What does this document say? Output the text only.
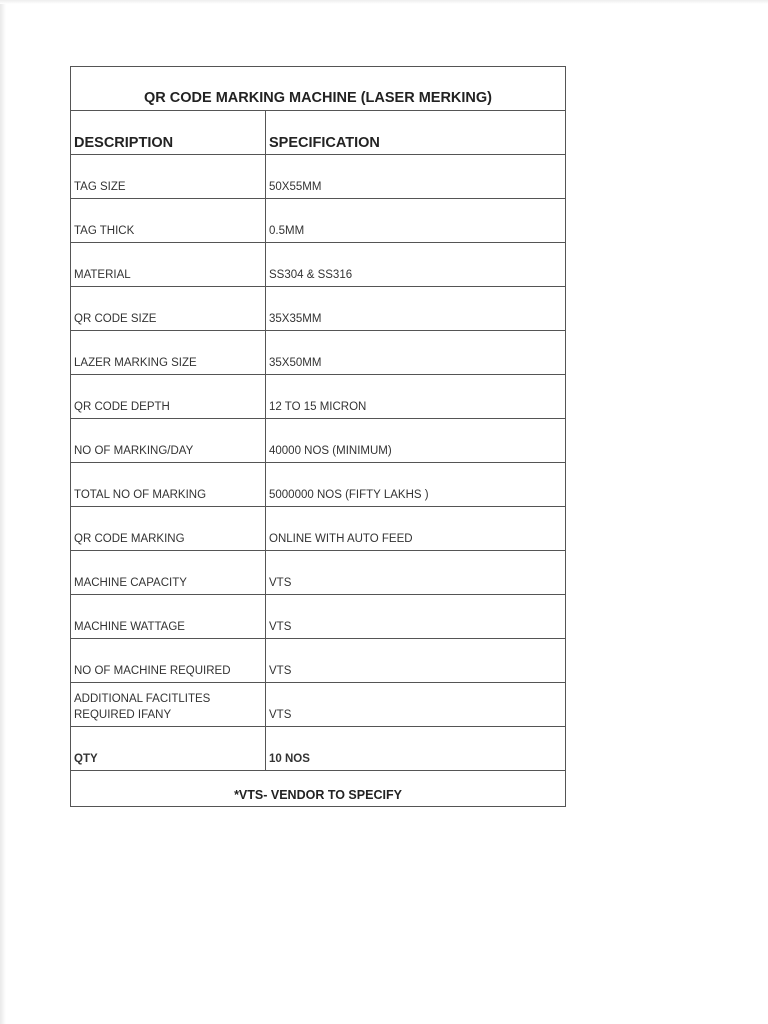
QR CODE MARKING MACHINE (LASER MERKING)	
DESCRIPTION	SPECIFICATION
TAG SIZE	50X55MM
TAG THICK	0.5MM
MATERIAL	SS304 & SS316
QR CODE SIZE	35X35MM
LAZER MARKING SIZE	35X50MM
QR CODE DEPTH	12 TO 15 MICRON
NO OF MARKING/DAY	40000 NOS (MINIMUM)
TOTAL NO OF MARKING	5000000 NOS (FIFTY LAKHS )
QR CODE MARKING	ONLINE WITH AUTO FEED
MACHINE CAPACITY	VTS
MACHINE WATTAGE	VTS
NO OF MACHINE REQUIRED	VTS
ADDITIONAL FACITLITES
REQUIRED IFANY	VTS
QTY	10 NOS
*VTS- VENDOR TO SPECIFY	
